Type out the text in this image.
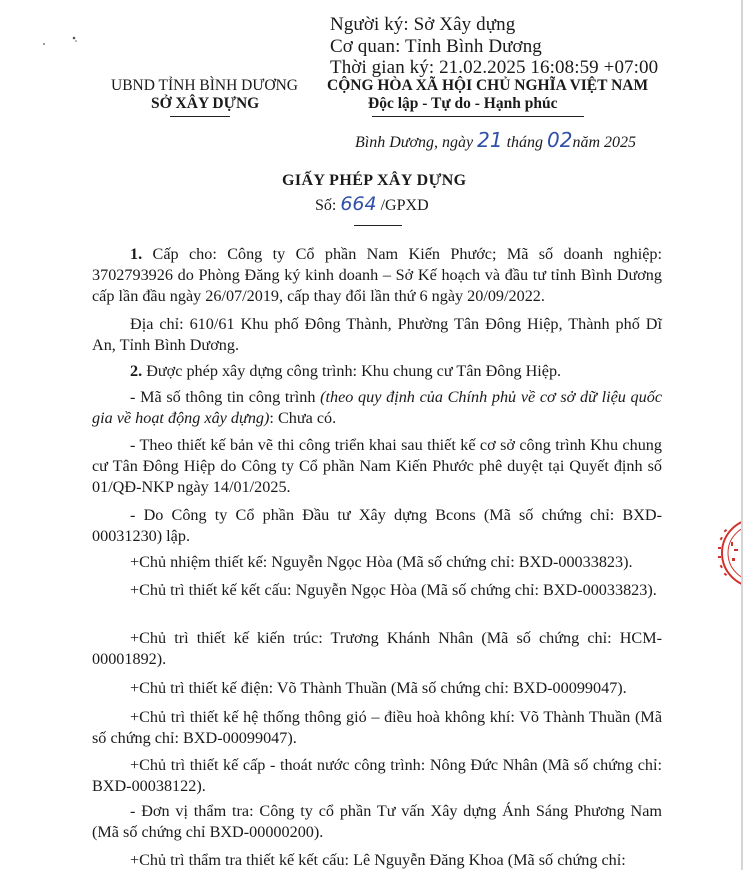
Người ký: Sở Xây dựng
Cơ quan: Tỉnh Bình Dương
Thời gian ký: 21.02.2025 16:08:59 +07:00
UBND TỈNH BÌNH DƯƠNG
SỞ XÂY DỰNG
CỘNG HÒA XÃ HỘI CHỦ NGHĨA VIỆT NAM
Độc lập - Tự do - Hạnh phúc
Bình Dương, ngày 21 tháng 02năm 2025
GIẤY PHÉP XÂY DỰNG
Số: 664 /GPXD
1. Cấp cho: Công ty Cổ phần Nam Kiến Phước; Mã số doanh nghiệp: 3702793926 do Phòng Đăng ký kinh doanh – Sở Kế hoạch và đầu tư tỉnh Bình Dương cấp lần đầu ngày 26/07/2019, cấp thay đổi lần thứ 6 ngày 20/09/2022.
Địa chỉ: 610/61 Khu phố Đông Thành, Phường Tân Đông Hiệp, Thành phố Dĩ An, Tỉnh Bình Dương.
2. Được phép xây dựng công trình: Khu chung cư Tân Đông Hiệp.
- Mã số thông tin công trình (theo quy định của Chính phủ về cơ sở dữ liệu quốc gia về hoạt động xây dựng): Chưa có.
- Theo thiết kế bản vẽ thi công triển khai sau thiết kế cơ sở công trình Khu chung cư Tân Đông Hiệp do Công ty Cổ phần Nam Kiến Phước phê duyệt tại Quyết định số 01/QĐ-NKP ngày 14/01/2025.
- Do Công ty Cổ phần Đầu tư Xây dựng Bcons (Mã số chứng chỉ: BXD-00031230) lập.
+Chủ nhiệm thiết kế: Nguyễn Ngọc Hòa (Mã số chứng chỉ: BXD-00033823).
+Chủ trì thiết kế kết cấu: Nguyễn Ngọc Hòa (Mã số chứng chỉ: BXD-00033823).
+Chủ trì thiết kế kiến trúc: Trương Khánh Nhân (Mã số chứng chỉ: HCM-00001892).
+Chủ trì thiết kế điện: Võ Thành Thuần (Mã số chứng chỉ: BXD-00099047).
+Chủ trì thiết kế hệ thống thông gió – điều hoà không khí: Võ Thành Thuần (Mã số chứng chỉ: BXD-00099047).
+Chủ trì thiết kế cấp - thoát nước công trình: Nông Đức Nhân (Mã số chứng chỉ: BXD-00038122).
- Đơn vị thẩm tra: Công ty cổ phần Tư vấn Xây dựng Ánh Sáng Phương Nam (Mã số chứng chỉ BXD-00000200).
+Chủ trì thẩm tra thiết kế kết cấu: Lê Nguyễn Đăng Khoa (Mã số chứng chỉ:
